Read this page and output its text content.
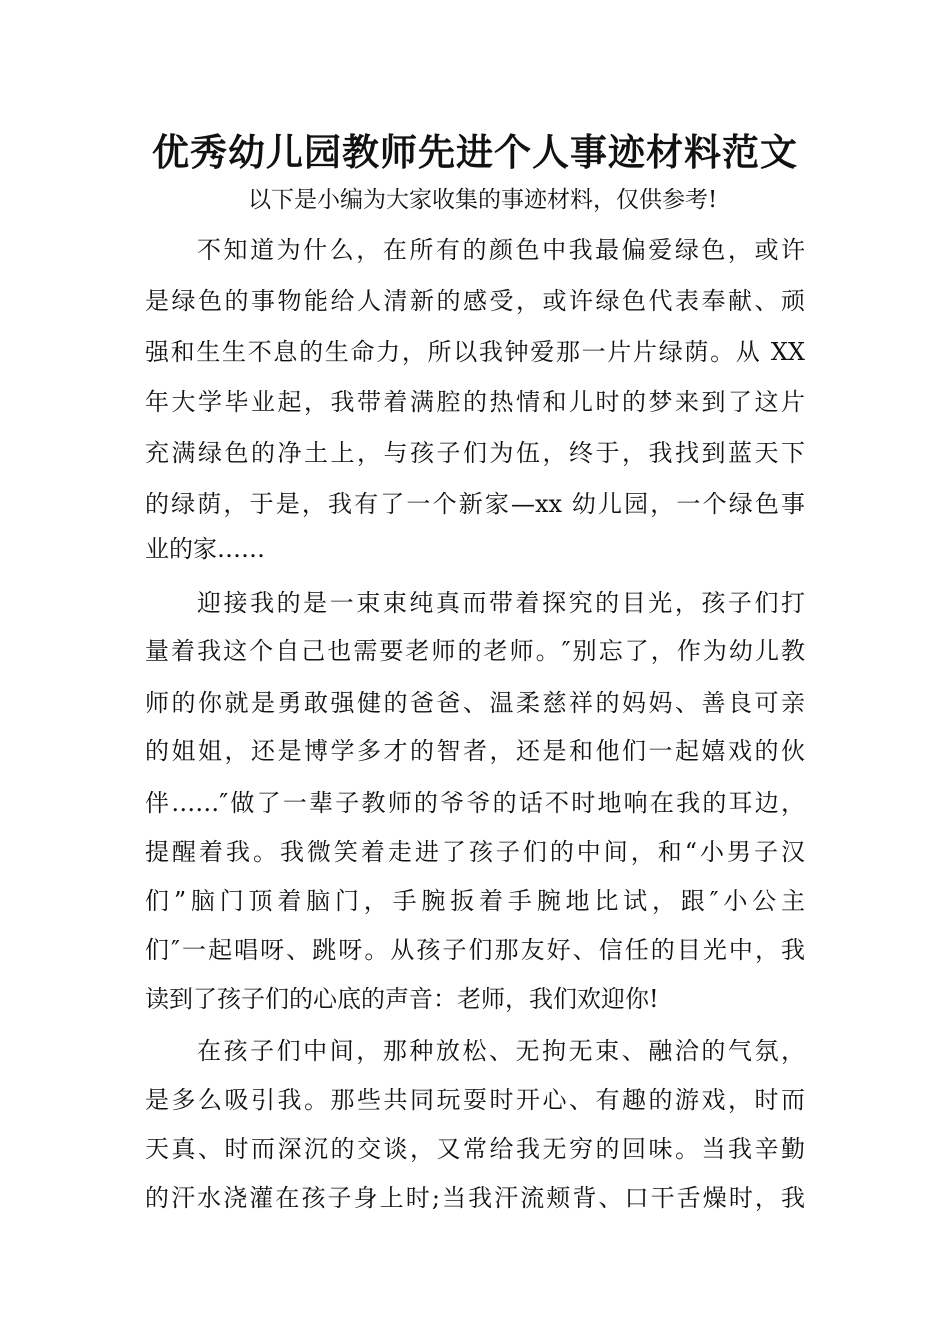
优秀幼儿园教师先进个人事迹材料范文

以下是小编为大家收集的事迹材料，仅供参考!

不知道为什么，在所有的颜色中我最偏爱绿色，或许

是绿色的事物能给人清新的感受，或许绿色代表奉献、顽

强和生生不息的生命力，所以我钟爱那一片片绿荫。从 XX

年大学毕业起，我带着满腔的热情和儿时的梦来到了这片

充满绿色的净土上，与孩子们为伍，终于，我找到蓝天下

的绿荫，于是，我有了一个新家—xx 幼儿园，一个绿色事

业的家……

迎接我的是一束束纯真而带着探究的目光，孩子们打

量着我这个自己也需要老师的老师。″别忘了，作为幼儿教

师的你就是勇敢强健的爸爸、温柔慈祥的妈妈、善良可亲

的姐姐，还是博学多才的智者，还是和他们一起嬉戏的伙

伴……″做了一辈子教师的爷爷的话不时地响在我的耳边，

提醒着我。我微笑着走进了孩子们的中间，和“小男子汉

们”脑门顶着脑门，手腕扳着手腕地比试，跟″小公主

们″一起唱呀、跳呀。从孩子们那友好、信任的目光中，我

读到了孩子们的心底的声音：老师，我们欢迎你!

在孩子们中间，那种放松、无拘无束、融洽的气氛，

是多么吸引我。那些共同玩耍时开心、有趣的游戏，时而

天真、时而深沉的交谈，又常给我无穷的回味。当我辛勤

的汗水浇灌在孩子身上时;当我汗流颊背、口干舌燥时，我
